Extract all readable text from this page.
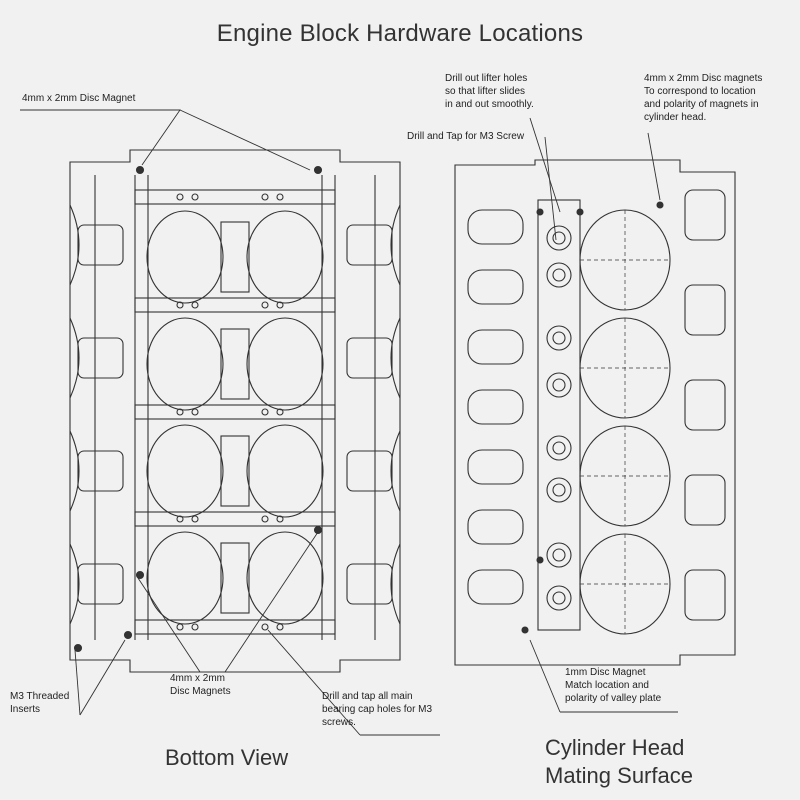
Engine Block Hardware Locations
4mm x 2mm Disc Magnet
Drill out lifter holes
so that lifter slides
in and out smoothly.
Drill and Tap for M3 Screw
4mm x 2mm Disc magnets
To correspond to location
and polarity of magnets in
cylinder head.
M3 Threaded
Inserts
4mm x 2mm
Disc Magnets	Drill and tap all main
bearing cap holes for M3
screws.
1mm Disc Magnet
Match location and
polarity of valley plate
Bottom View	Cylinder Head
Mating Surface
